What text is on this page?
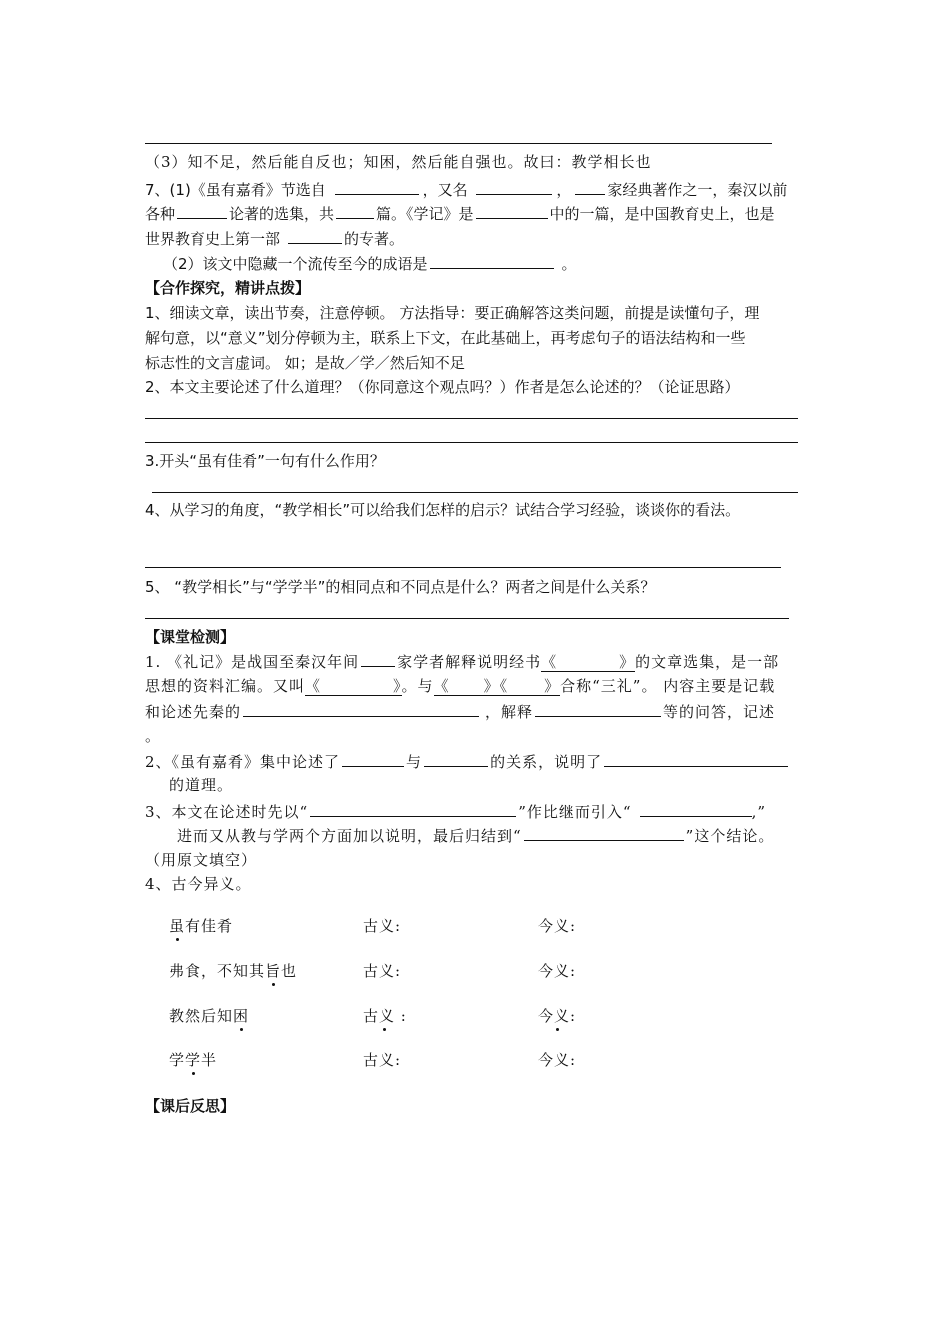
（3）知不足，然后能自反也；知困，然后能自强也。故曰：教学相长也
7、(1)《虽有嘉肴》节选自	，又名	， 家经典著作之一，秦汉以前
各种	论著的选集，共	篇。《学记》是	中的一篇，是中国教育史上，也是
世界教育史上第一部	的专著。
（2）该文中隐藏一个流传至今的成语是	。
【合作探究，精讲点拨】
1、细读文章，读出节奏，注意停顿。 方法指导：要正确解答这类问题，前提是读懂句子，理
解句意，以“意义”划分停顿为主，联系上下文，在此基础上，再考虑句子的语法结构和一些
标志性的文言虚词。 如；是故／学／然后知不足
2、本文主要论述了什么道理？（你同意这个观点吗？）作者是怎么论述的？（论证思路）
3.开头“虽有佳肴”一句有什么作用？
4、从学习的角度，“教学相长”可以给我们怎样的启示？试结合学习经验，谈谈你的看法。
5、 “教学相长”与“学学半”的相同点和不同点是什么？两者之间是什么关系？
【课堂检测】
1. 《礼记》是战国至秦汉年间	家学者解释说明经书《	》的文章选集，是一部
思想的资料汇编。又叫《	》。与《 》《 》合称“三礼”。 内容主要是记载
和论述先秦的	，解释	等的问答，记述
。
2、《虽有嘉肴》集中论述了	与	的关系，说明了
的道理。
3、本文在论述时先以“	”作比继而引入“	,”
进而又从教与学两个方面加以说明，最后归结到“	”这个结论。
（用原文填空）
4、古今异义。
虽有佳肴	古义:	今义:
弗食，不知其旨也	古义:	今义:
教然后知困	古义 :	今义:
学学半	古义:	今义:
【课后反思】
